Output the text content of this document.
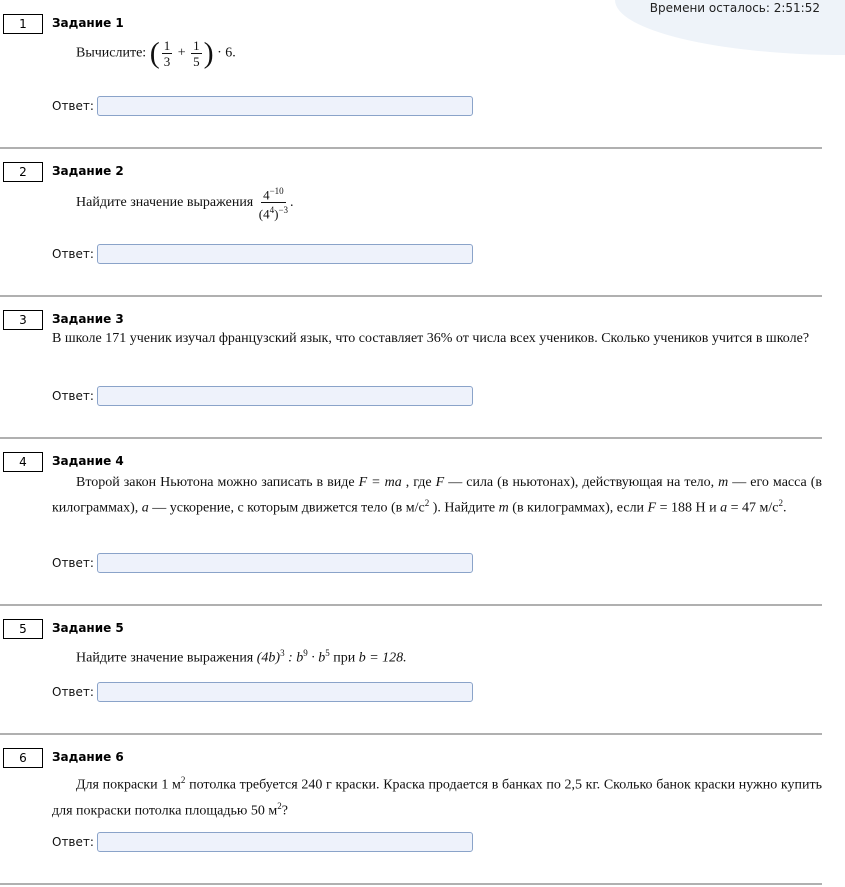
Времени осталось: 2:51:52
1	Задание 1
Вычислите: ( $\frac{1}{3} + \frac{1}{5}$ ) · 6.
Ответ:
2	Задание 2
Найдите значение выражения $\frac{4^{-10}}{(4^4)^{-3}}$ .
Ответ:
3	Задание 3
В школе 171 ученик изучал французский язык, что составляет 36% от числа всех учеников. Сколько учеников учится в школе?
Ответ:
4	Задание 4
Второй закон Ньютона можно записать в виде F = ma , где F — сила (в ньютонах), действующая на тело, m — его масса (в килограммах), a — ускорение, с которым движется тело (в $м/с^2$ ). Найдите m (в килограммах), если F = 188 Н и a = 47 $м/с^2$.
Ответ:
5	Задание 5
Найдите значение выражения $(4b)^3$ : $b^9 \cdot b^5$ при b = 128.
Ответ:
6	Задание 6
Для покраски 1 $м^2$ потолка требуется 240 г краски. Краска продается в банках по 2,5 кг. Сколько банок краски нужно купить для покраски потолка площадью 50 $м^2$?
Ответ:
